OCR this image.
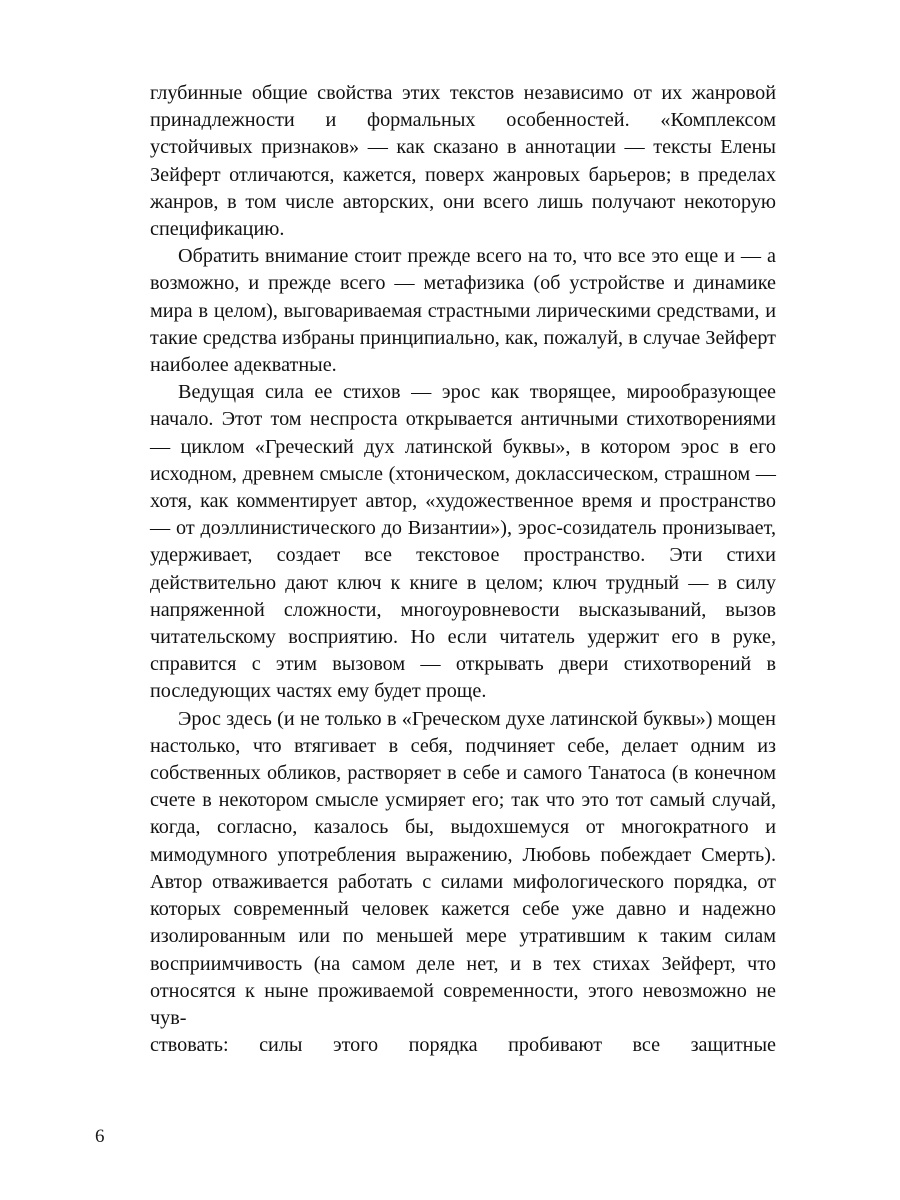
глубинные общие свойства этих текстов независимо от их жанровой принадлежности и формальных особенностей. «Комплексом устойчивых признаков» — как сказано в аннотации — тексты Елены Зейферт отличаются, кажется, поверх жанровых барьеров; в пределах жанров, в том числе авторских, они всего лишь получают некоторую спецификацию.

Обратить внимание стоит прежде всего на то, что все это еще и — а возможно, и прежде всего — метафизика (об устройстве и динамике мира в целом), выговариваемая страстными лирическими средствами, и такие средства избраны принципиально, как, пожалуй, в случае Зейферт наиболее адекватные.

Ведущая сила ее стихов — эрос как творящее, мирообразующее начало. Этот том неспроста открывается античными стихотворениями — циклом «Греческий дух латинской буквы», в котором эрос в его исходном, древнем смысле (хтоническом, доклассическом, страшном — хотя, как комментирует автор, «художественное время и пространство — от доэллинистического до Византии»), эрос-созидатель пронизывает, удерживает, создает все текстовое пространство. Эти стихи действительно дают ключ к книге в целом; ключ трудный — в силу напряженной сложности, многоуровневости высказываний, вызов читательскому восприятию. Но если читатель удержит его в руке, справится с этим вызовом — открывать двери стихотворений в последующих частях ему будет проще.

Эрос здесь (и не только в «Греческом духе латинской буквы») мощен настолько, что втягивает в себя, подчиняет себе, делает одним из собственных обликов, растворяет в себе и самого Танатоса (в конечном счете в некотором смысле усмиряет его; так что это тот самый случай, когда, согласно, казалось бы, выдохшемуся от многократного и мимодумного употребления выражению, Любовь побеждает Смерть). Автор отваживается работать с силами мифологического порядка, от которых современный человек кажется себе уже давно и надежно изолированным или по меньшей мере утратившим к таким силам восприимчивость (на самом деле нет, и в тех стихах Зейферт, что относятся к ныне проживаемой современности, этого невозможно не чув-
ствовать: силы этого порядка пробивают все защитные

6
